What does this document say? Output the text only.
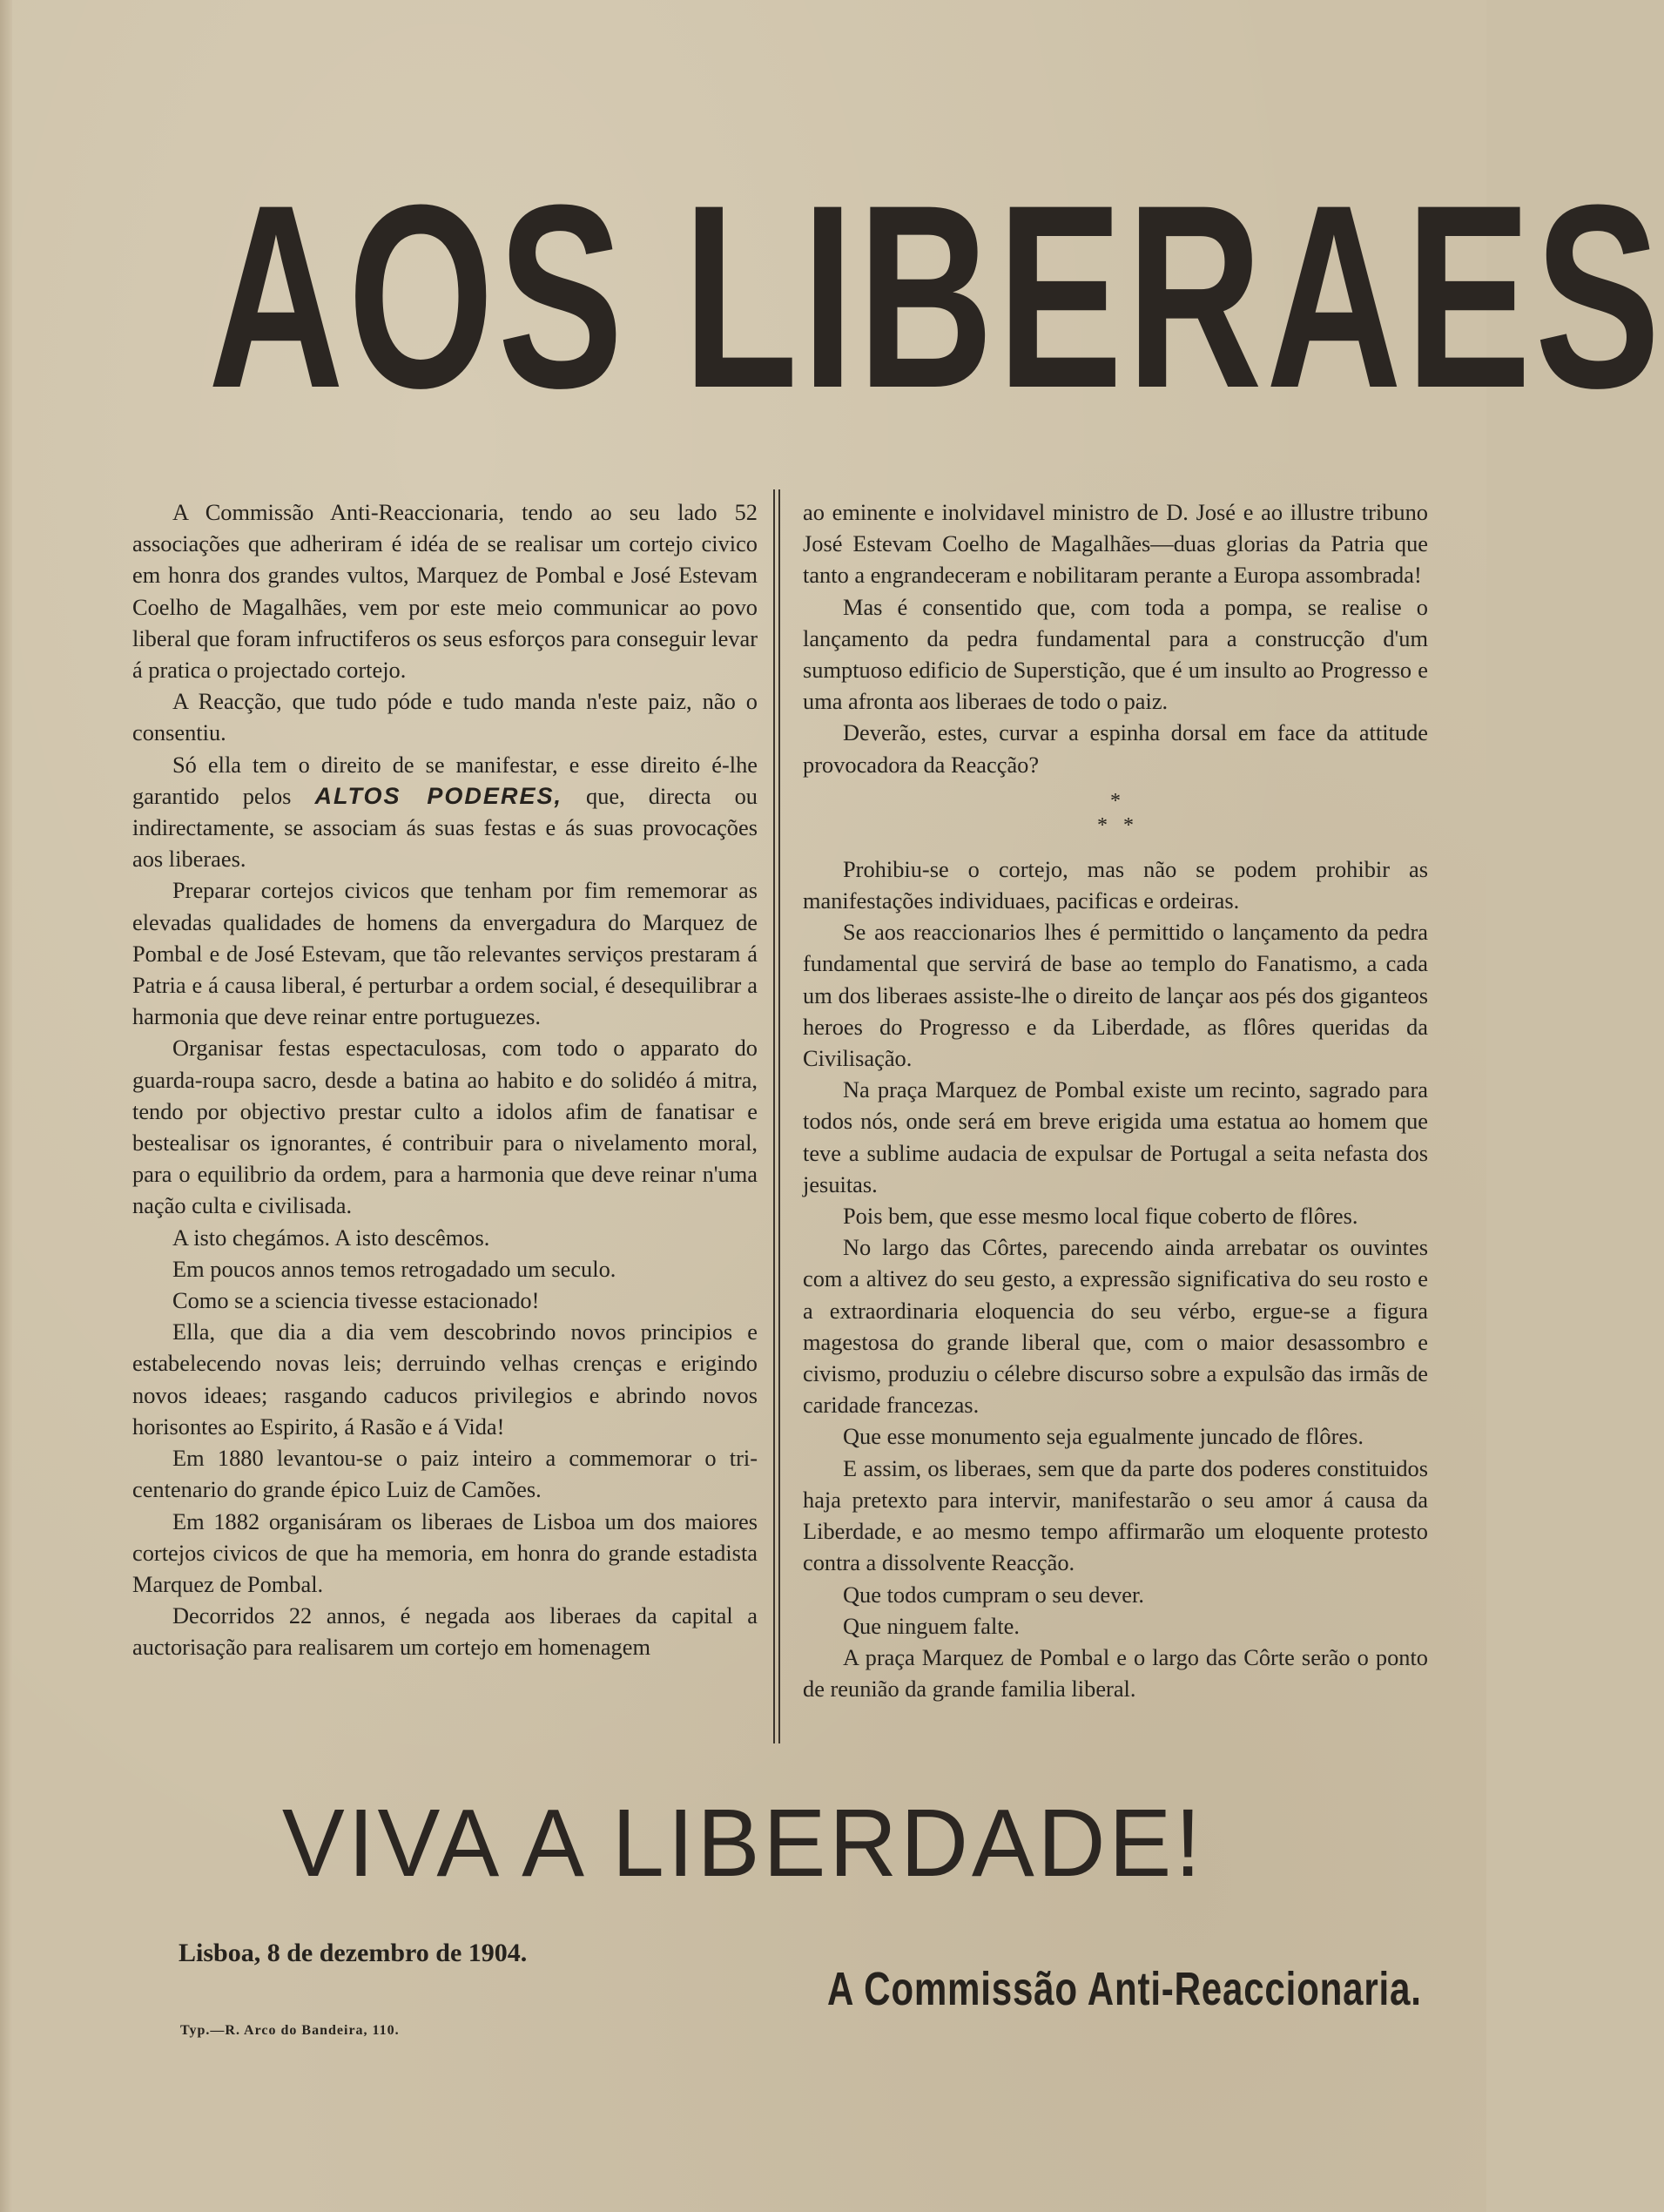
AOS LIBERAES

A Commissão Anti-Reaccionaria, tendo ao seu lado 52 associações que adheriram é idéa de se realisar um cortejo civico em honra dos grandes vultos, Marquez de Pombal e José Estevam Coelho de Magalhães, vem por este meio communicar ao povo liberal que foram infructiferos os seus esforços para conseguir levar á pratica o projectado cortejo.

A Reacção, que tudo póde e tudo manda n'este paiz, não o consentiu.

Só ella tem o direito de se manifestar, e esse direito é-lhe garantido pelos ALTOS PODERES, que, directa ou indirectamente, se associam ás suas festas e ás suas provocações aos liberaes.

Preparar cortejos civicos que tenham por fim rememorar as elevadas qualidades de homens da envergadura do Marquez de Pombal e de José Estevam, que tão relevantes serviços prestaram á Patria e á causa liberal, é perturbar a ordem social, é desequilibrar a harmonia que deve reinar entre portuguezes.

Organisar festas espectaculosas, com todo o apparato do guarda-roupa sacro, desde a batina ao habito e do solidéo á mitra, tendo por objectivo prestar culto a idolos afim de fanatisar e bestealisar os ignorantes, é contribuir para o nivelamento moral, para o equilibrio da ordem, para a harmonia que deve reinar n'uma nação culta e civilisada.

A isto chegámos. A isto descêmos.

Em poucos annos temos retrogadado um seculo.

Como se a sciencia tivesse estacionado!

Ella, que dia a dia vem descobrindo novos principios e estabelecendo novas leis; derruindo velhas crenças e erigindo novos ideaes; rasgando caducos privilegios e abrindo novos horisontes ao Espirito, á Rasão e á Vida!

Em 1880 levantou-se o paiz inteiro a commemorar o tri-centenario do grande épico Luiz de Camões.

Em 1882 organisáram os liberaes de Lisboa um dos maiores cortejos civicos de que ha memoria, em honra do grande estadista Marquez de Pombal.

Decorridos 22 annos, é negada aos liberaes da capital a auctorisação para realisarem um cortejo em homenagem

ao eminente e inolvidavel ministro de D. José e ao illustre tribuno José Estevam Coelho de Magalhães—duas glorias da Patria que tanto a engrandeceram e nobilitaram perante a Europa assombrada!

Mas é consentido que, com toda a pompa, se realise o lançamento da pedra fundamental para a construcção d'um sumptuoso edificio de Superstição, que é um insulto ao Progresso e uma afronta aos liberaes de todo o paiz.

Deverão, estes, curvar a espinha dorsal em face da attitude provocadora da Reacção?

*
*   *

Prohibiu-se o cortejo, mas não se podem prohibir as manifestações individuaes, pacificas e ordeiras.

Se aos reaccionarios lhes é permittido o lançamento da pedra fundamental que servirá de base ao templo do Fanatismo, a cada um dos liberaes assiste-lhe o direito de lançar aos pés dos giganteos heroes do Progresso e da Liberdade, as flôres queridas da Civilisação.

Na praça Marquez de Pombal existe um recinto, sagrado para todos nós, onde será em breve erigida uma estatua ao homem que teve a sublime audacia de expulsar de Portugal a seita nefasta dos jesuitas.

Pois bem, que esse mesmo local fique coberto de flôres.

No largo das Côrtes, parecendo ainda arrebatar os ouvintes com a altivez do seu gesto, a expressão significativa do seu rosto e a extraordinaria eloquencia do seu vérbo, ergue-se a figura magestosa do grande liberal que, com o maior desassombro e civismo, produziu o célebre discurso sobre a expulsão das irmãs de caridade francezas.

Que esse monumento seja egualmente juncado de flôres.

E assim, os liberaes, sem que da parte dos poderes constituidos haja pretexto para intervir, manifestarão o seu amor á causa da Liberdade, e ao mesmo tempo affirmarão um eloquente protesto contra a dissolvente Reacção.

Que todos cumpram o seu dever.

Que ninguem falte.

A praça Marquez de Pombal e o largo das Côrte serão o ponto de reunião da grande familia liberal.

VIVA A LIBERDADE!
Lisboa, 8 de dezembro de 1904.
A Commissão Anti-Reaccionaria.
Typ.—R. Arco do Bandeira, 110.
